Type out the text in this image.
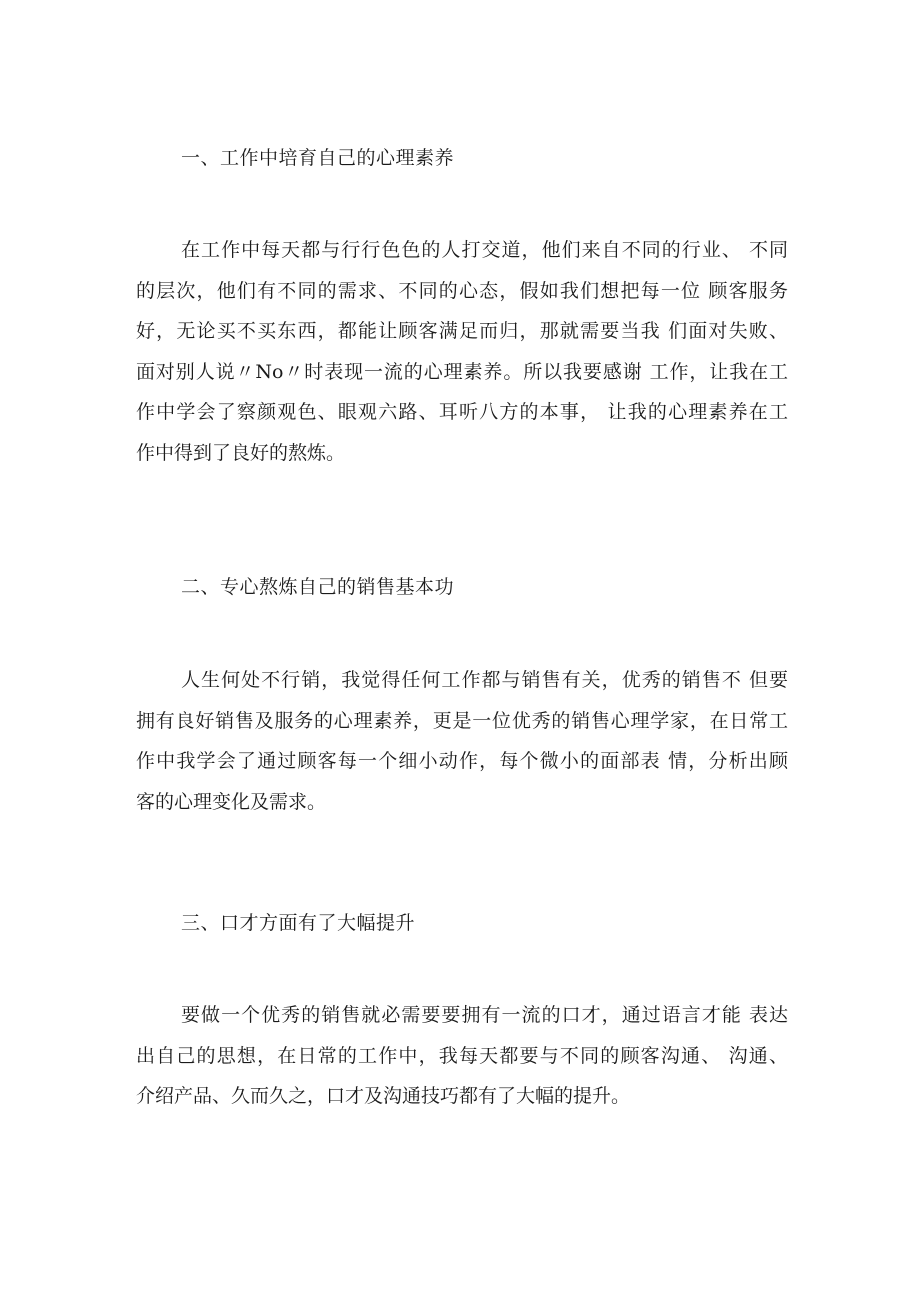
一、工作中培育自己的心理素养
在工作中每天都与行行色色的人打交道，他们来自不同的行业、 不同
的层次，他们有不同的需求、不同的心态，假如我们想把每一位 顾客服务
好，无论买不买东西，都能让顾客满足而归，那就需要当我 们面对失败、
面对别人说〃No〃时表现一流的心理素养。所以我要感谢 工作，让我在工
作中学会了察颜观色、眼观六路、耳听八方的本事， 让我的心理素养在工
作中得到了良好的熬炼。
二、专心熬炼自己的销售基本功
人生何处不行销，我觉得任何工作都与销售有关，优秀的销售不 但要
拥有良好销售及服务的心理素养，更是一位优秀的销售心理学家，在日常工
作中我学会了通过顾客每一个细小动作，每个微小的面部表 情，分析出顾
客的心理变化及需求。
三、口才方面有了大幅提升
要做一个优秀的销售就必需要要拥有一流的口才，通过语言才能 表达
出自己的思想，在日常的工作中，我每天都要与不同的顾客沟通、 沟通、
介绍产品、久而久之，口才及沟通技巧都有了大幅的提升。
